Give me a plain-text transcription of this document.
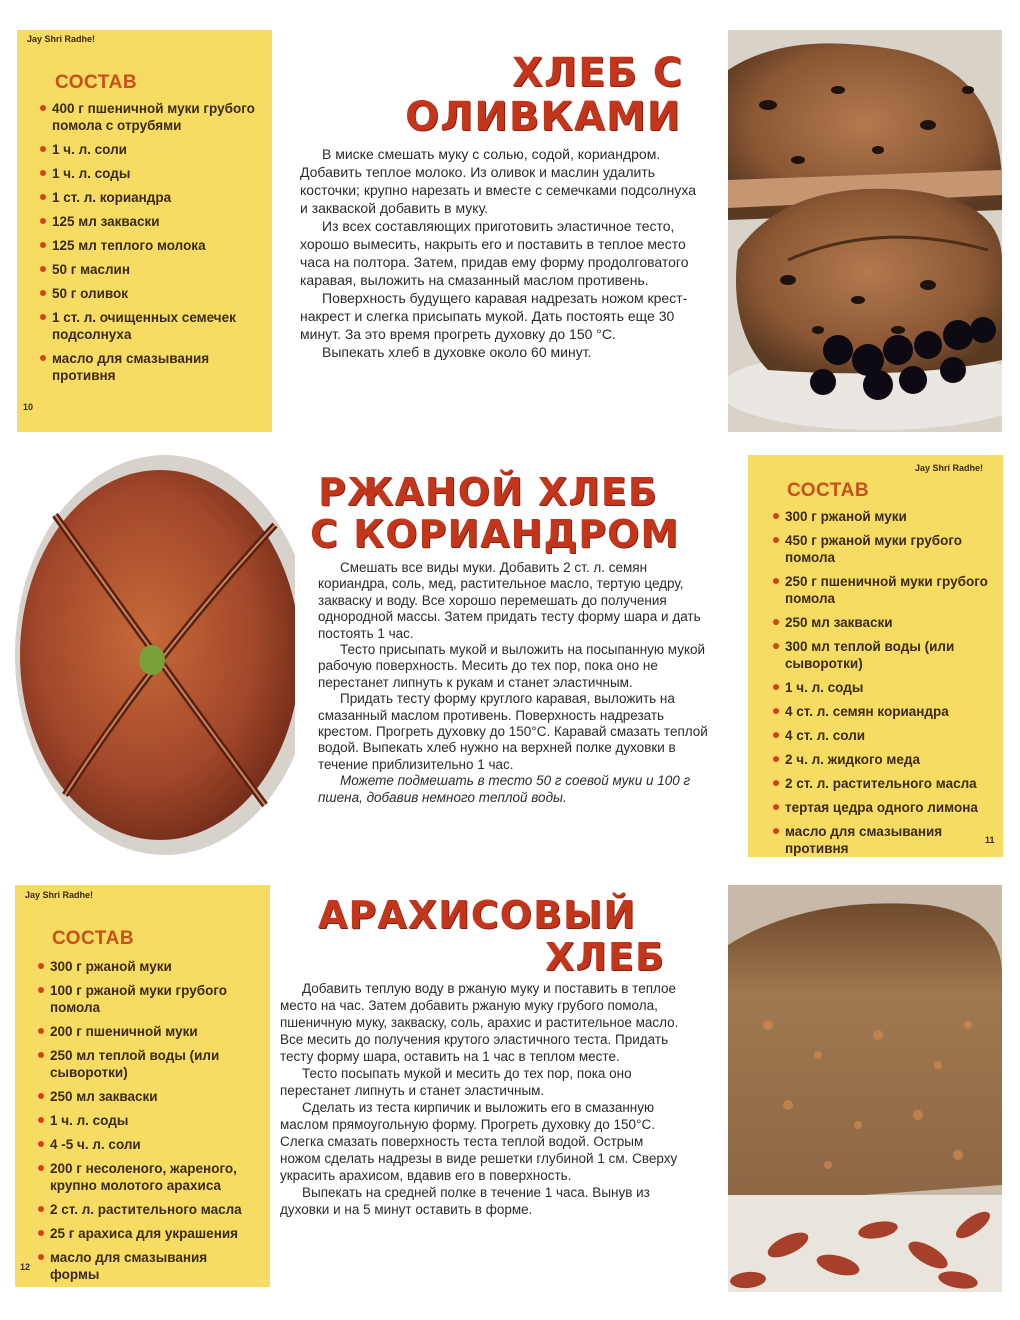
Jay Shri Radhe!
СОСТАВ
400 г пшеничной муки грубого помола с отрубями
1 ч. л. соли
1 ч. л. соды
1 ст. л. кориандра
125 мл закваски
125 мл теплого молока
50 г маслин
50 г оливок
1 ст. л. очищенных семечек подсолнуха
масло для смазывания противня
10
ХЛЕБ С
ОЛИВКАМИ

В миске смешать муку с солью, содой, кориандром. Добавить теплое молоко. Из оливок и маслин удалить косточки; крупно нарезать и вместе с семечками подсолнуха и закваской добавить в муку.

Из всех составляющих приготовить эластичное тесто, хорошо вымесить, накрыть его и поставить в теплое место часа на полтора. Затем, придав ему форму продолговатого каравая, выложить на смазанный маслом противень.

Поверхность будущего каравая надрезать ножом крест-накрест и слегка присыпать мукой. Дать постоять еще 30 минут. За это время прогреть духовку до 150 °С.

Выпекать хлеб в духовке около 60 минут.

РЖАНОЙ ХЛЕБ
С КОРИАНДРОМ

Смешать все виды муки. Добавить 2 ст. л. семян кориандра, соль, мед, растительное масло, тертую цедру, закваску и воду. Все хорошо перемешать до получения однородной массы. Затем придать тесту форму шара и дать постоять 1 час.

Тесто присыпать мукой и выложить на посыпанную мукой рабочую поверхность. Месить до тех пор, пока оно не перестанет липнуть к рукам и станет эластичным.

Придать тесту форму круглого каравая, выложить на смазанный маслом противень. Поверхность надрезать крестом. Прогреть духовку до 150°С. Каравай смазать теплой водой. Выпекать хлеб нужно на верхней полке духовки в течение приблизительно 1 час.

Можете подмешать в тесто 50 г соевой муки и 100 г пшена, добавив немного теплой воды.

Jay Shri Radhe!
СОСТАВ
300 г ржаной муки
450 г ржаной муки грубого помола
250 г пшеничной муки грубого помола
250 мл закваски
300 мл теплой воды (или сыворотки)
1 ч. л. соды
4 ст. л. семян кориандра
4 ст. л. соли
2 ч. л. жидкого меда
2 ст. л. растительного масла
тертая цедра одного лимона
масло для смазывания противня
11
Jay Shri Radhe!
СОСТАВ
300 г ржаной муки
100 г ржаной муки грубого помола
200 г пшеничной муки
250 мл теплой воды (или сыворотки)
250 мл закваски
1 ч. л. соды
4 -5 ч. л. соли
200 г несоленого, жареного, крупно молотого арахиса
2 ст. л. растительного масла
25 г арахиса для украшения
масло для смазывания формы
12
АРАХИСОВЫЙ
ХЛЕБ

Добавить теплую воду в ржаную муку и поставить в теплое место на час. Затем добавить ржаную муку грубого помола, пшеничную муку, закваску, соль, арахис и растительное масло. Все месить до получения крутого эластичного теста. Придать тесту форму шара, оставить на 1 час в теплом месте.

Тесто посыпать мукой и месить до тех пор, пока оно перестанет липнуть и станет эластичным.

Сделать из теста кирпичик и выложить его в смазанную маслом прямоугольную форму. Прогреть духовку до 150°С. Слегка смазать поверхность теста теплой водой. Острым ножом сделать надрезы в виде решетки глубиной 1 см. Сверху украсить арахисом, вдавив его в поверхность.

Выпекать на средней полке в течение 1 часа. Вынув из духовки и на 5 минут оставить в форме.
